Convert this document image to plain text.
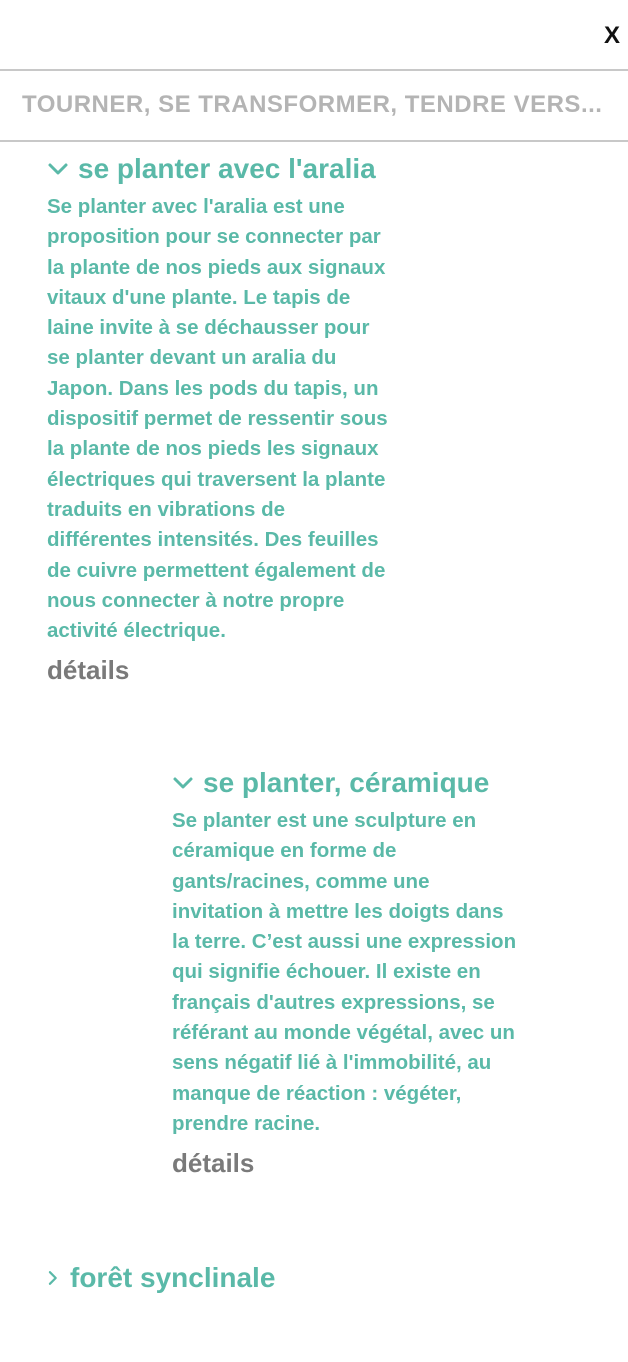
X
TOURNER, SE TRANSFORMER, TENDRE VERS...
se planter avec l'aralia
Se planter avec l'aralia est une
proposition pour se connecter par
la plante de nos pieds aux signaux
vitaux d'une plante. Le tapis de
laine invite à se déchausser pour
se planter devant un aralia du
Japon. Dans les pods du tapis, un
dispositif permet de ressentir sous
la plante de nos pieds les signaux
électriques qui traversent la plante
traduits en vibrations de
différentes intensités. Des feuilles
de cuivre permettent également de
nous connecter à notre propre
activité électrique.
détails
se planter, céramique
Se planter est une sculpture en
céramique en forme de
gants/racines, comme une
invitation à mettre les doigts dans
la terre. C’est aussi une expression
qui signifie échouer. Il existe en
français d'autres expressions, se
référant au monde végétal, avec un
sens négatif lié à l'immobilité, au
manque de réaction : végéter,
prendre racine.
détails
forêt synclinale
